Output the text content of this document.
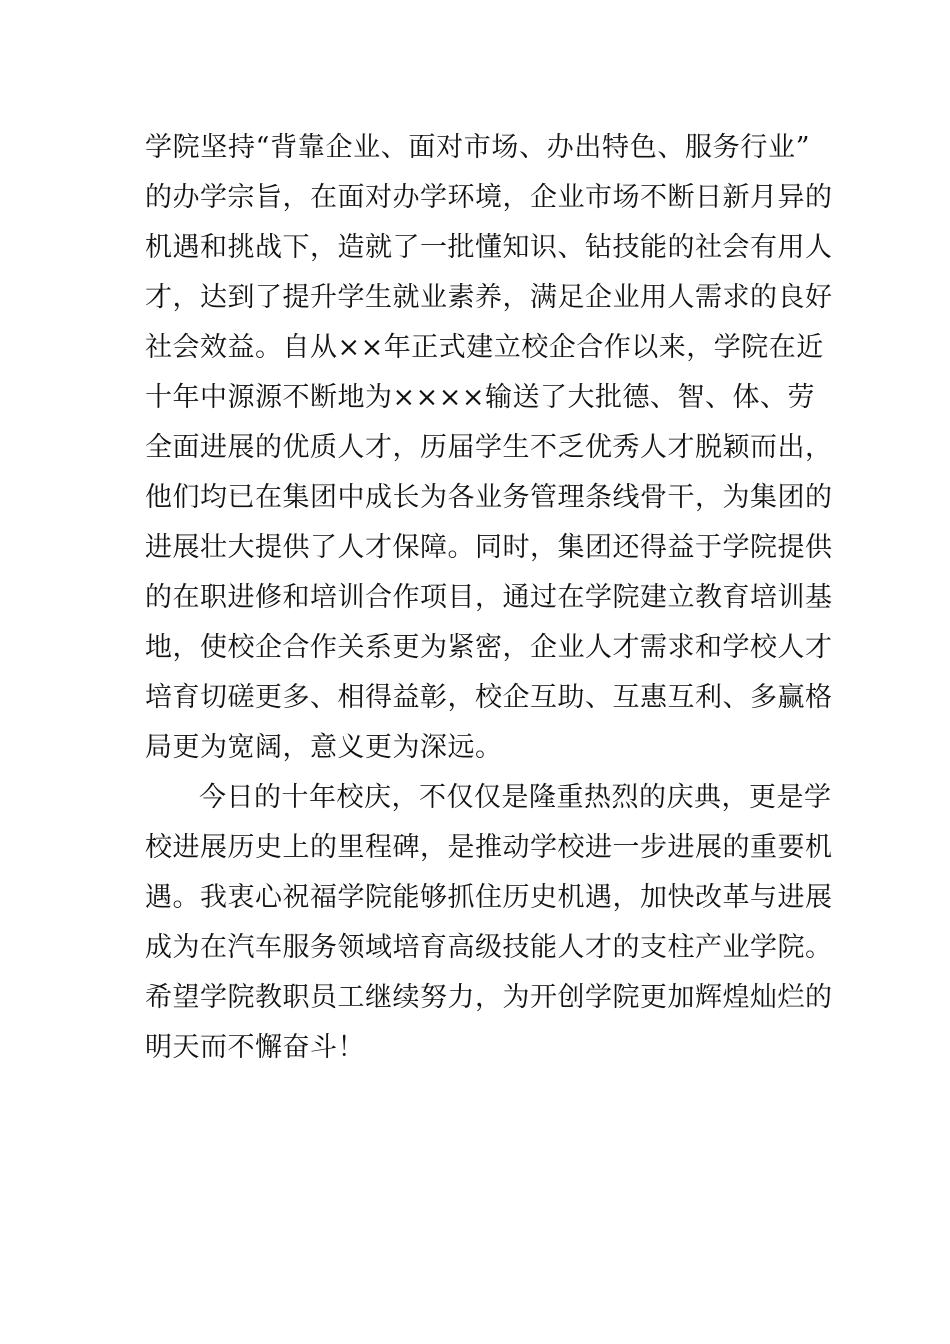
学院坚持“背靠企业、面对市场、办出特色、服务行业”
的办学宗旨，在面对办学环境，企业市场不断日新月异的
机遇和挑战下，造就了一批懂知识、钻技能的社会有用人
才，达到了提升学生就业素养，满足企业用人需求的良好
社会效益。自从××年正式建立校企合作以来，学院在近
十年中源源不断地为××××输送了大批德、智、体、劳
全面进展的优质人才，历届学生不乏优秀人才脱颖而出，
他们均已在集团中成长为各业务管理条线骨干，为集团的
进展壮大提供了人才保障。同时，集团还得益于学院提供
的在职进修和培训合作项目，通过在学院建立教育培训基
地，使校企合作关系更为紧密，企业人才需求和学校人才
培育切磋更多、相得益彰，校企互助、互惠互利、多赢格
局更为宽阔，意义更为深远。
今日的十年校庆，不仅仅是隆重热烈的庆典，更是学
校进展历史上的里程碑，是推动学校进一步进展的重要机
遇。我衷心祝福学院能够抓住历史机遇，加快改革与进展
成为在汽车服务领域培育高级技能人才的支柱产业学院。
希望学院教职员工继续努力，为开创学院更加辉煌灿烂的
明天而不懈奋斗！
